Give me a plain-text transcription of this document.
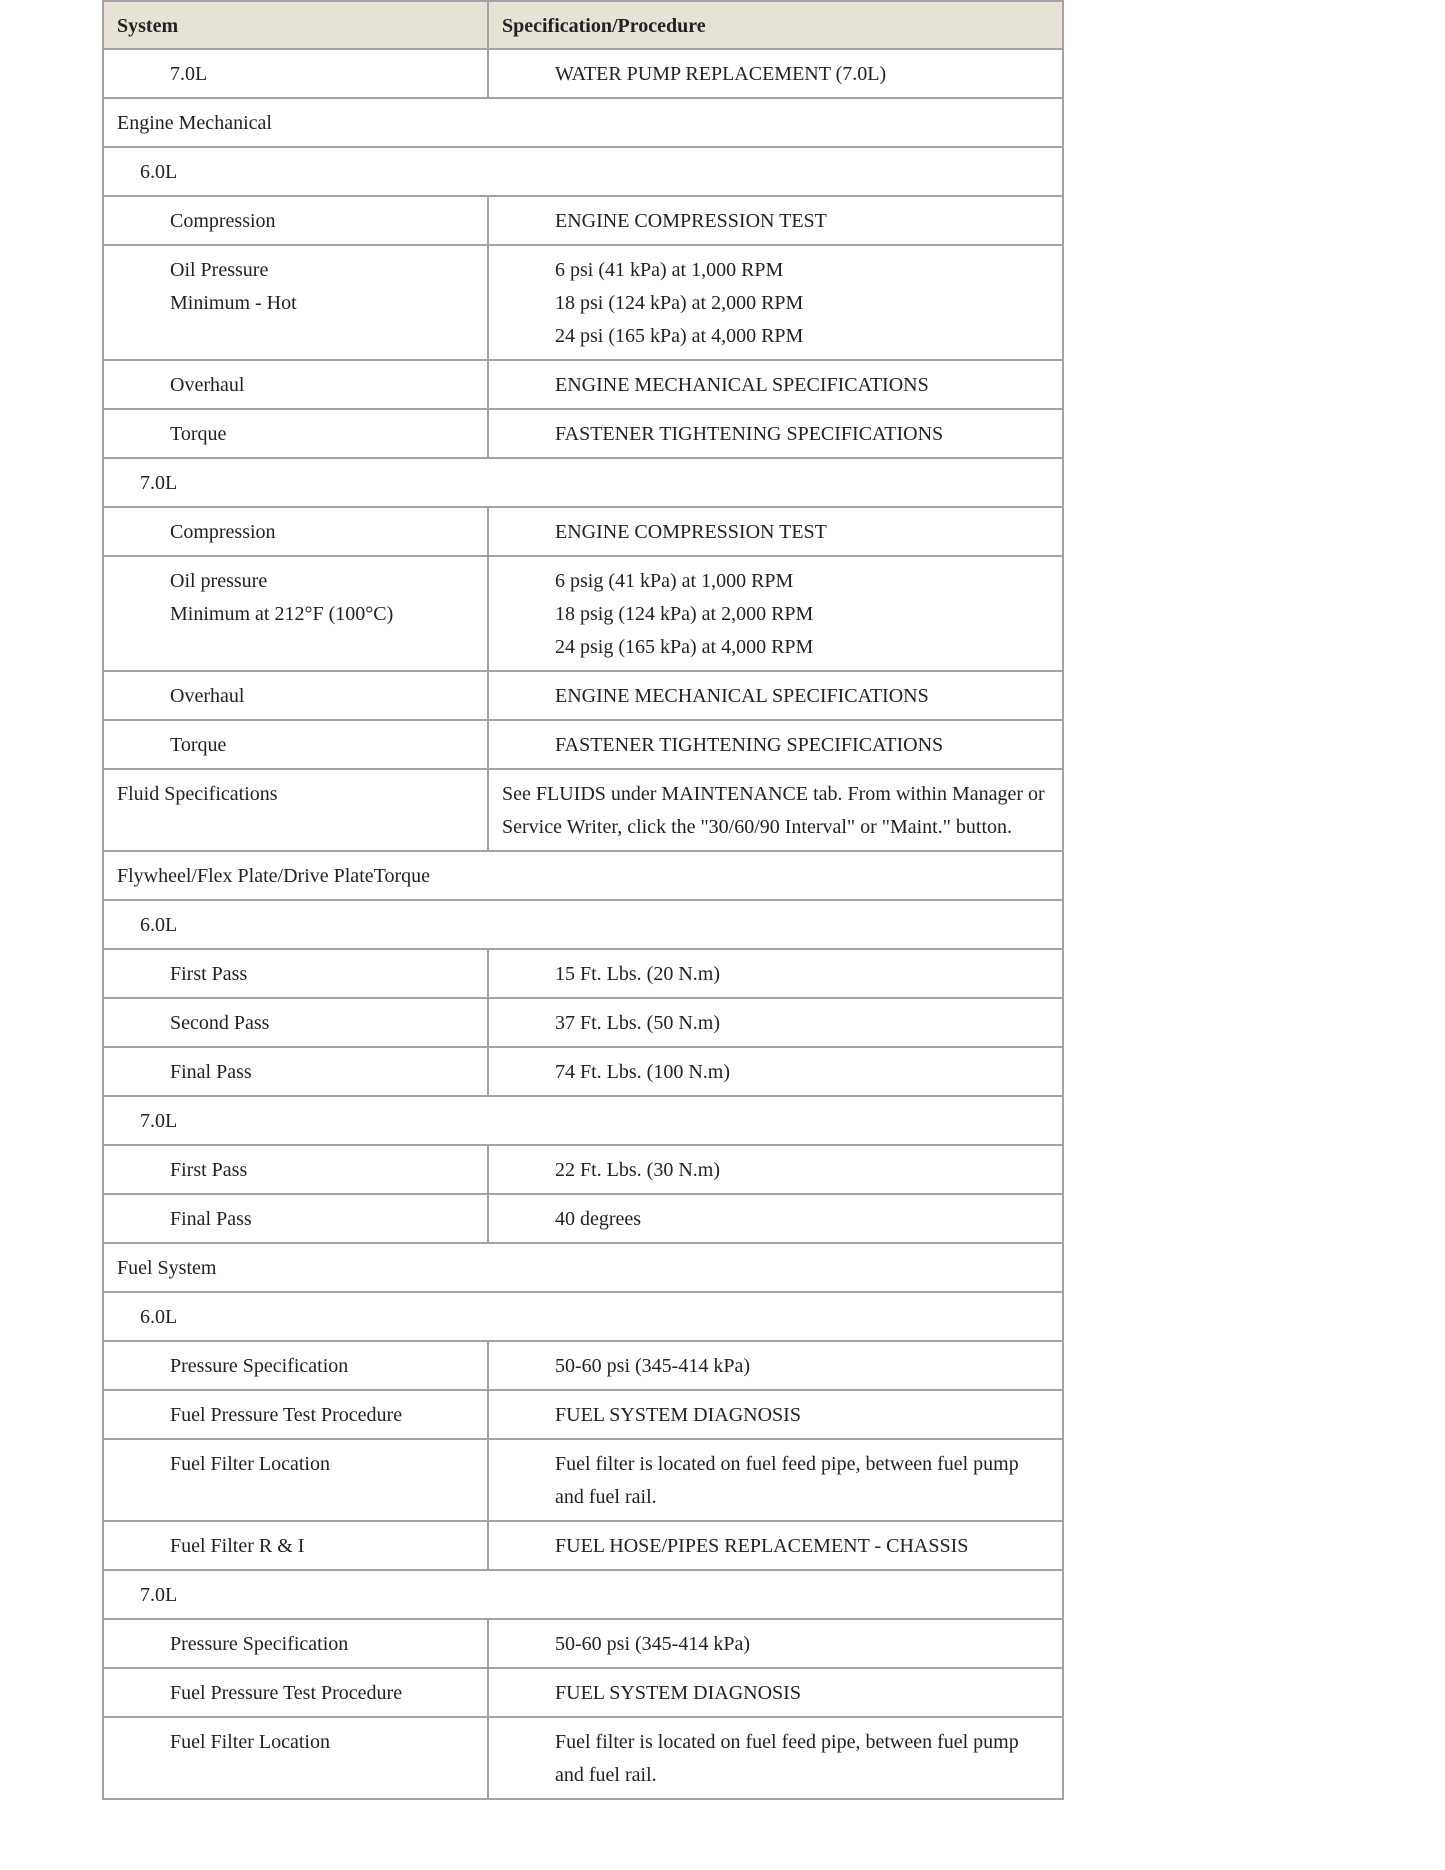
System	Specification/Procedure

7.0L	WATER PUMP REPLACEMENT (7.0L)

Engine Mechanical	
6.0L	

Compression	ENGINE COMPRESSION TEST

Oil Pressure
Minimum - Hot	6 psi (41 kPa) at 1,000 RPM
18 psi (124 kPa) at 2,000 RPM
24 psi (165 kPa) at 4,000 RPM

Overhaul	ENGINE MECHANICAL SPECIFICATIONS

Torque	FASTENER TIGHTENING SPECIFICATIONS

7.0L	

Compression	ENGINE COMPRESSION TEST

Oil pressure
Minimum at 212°F (100°C)	6 psig (41 kPa) at 1,000 RPM
18 psig (124 kPa) at 2,000 RPM
24 psig (165 kPa) at 4,000 RPM

Overhaul	ENGINE MECHANICAL SPECIFICATIONS

Torque	FASTENER TIGHTENING SPECIFICATIONS

Fluid Specifications	See FLUIDS under MAINTENANCE tab. From within Manager or Service Writer, click the "30/60/90 Interval" or "Maint." button.

Flywheel/Flex Plate/Drive PlateTorque	
6.0L	

First Pass	15 Ft. Lbs. (20 N.m)

Second Pass	37 Ft. Lbs. (50 N.m)

Final Pass	74 Ft. Lbs. (100 N.m)

7.0L	

First Pass	22 Ft. Lbs. (30 N.m)

Final Pass	40 degrees

Fuel System	
6.0L	

Pressure Specification	50-60 psi (345-414 kPa)

Fuel Pressure Test Procedure	FUEL SYSTEM DIAGNOSIS

Fuel Filter Location	Fuel filter is located on fuel feed pipe, between fuel pump and fuel rail.

Fuel Filter R & I	FUEL HOSE/PIPES REPLACEMENT - CHASSIS

7.0L	

Pressure Specification	50-60 psi (345-414 kPa)

Fuel Pressure Test Procedure	FUEL SYSTEM DIAGNOSIS

Fuel Filter Location	Fuel filter is located on fuel feed pipe, between fuel pump and fuel rail.
